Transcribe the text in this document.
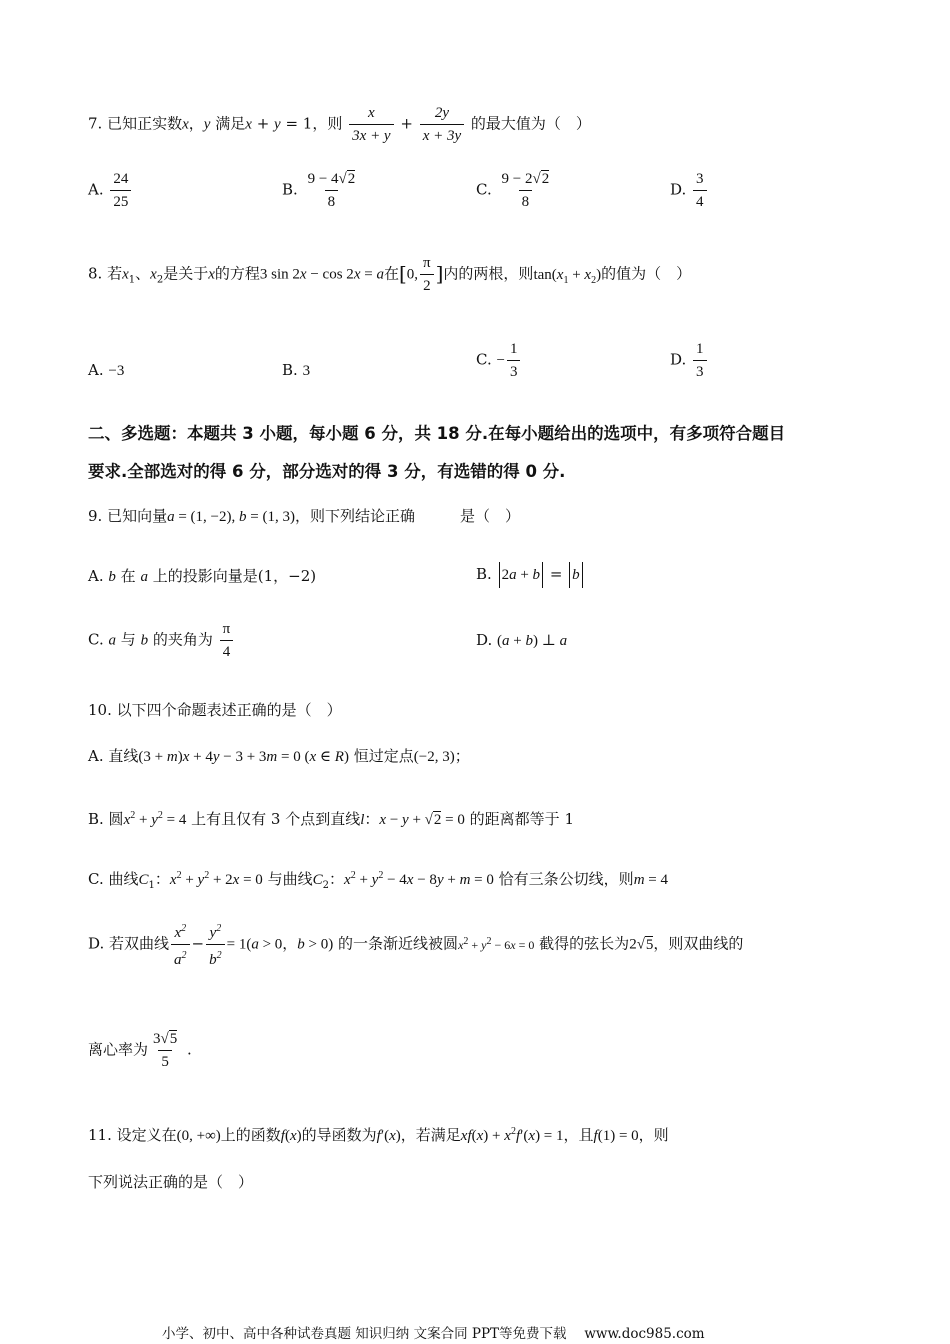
7. 已知正实数x，y 满足x + y = 1，则 $\frac{x}{3x + y} + \frac{2y}{x + 3y}$ 的最大值为（　）
A. $\frac{24}{25}$	B. $\frac{9 - 4√2}{8}$	C. $\frac{9 - 2√2}{8}$	D. $\frac{3}{4}$
8. 若$x_1$、$x_2$是关于x的方程3 sin 2x − cos 2x = a在[0, $\frac{\pi}{2}$ ]内的两根，则$\tan(x_1 + x_2)$的值为（　）
A. −3	B. 3
C. − $\frac{1}{3}$	D. $\frac{1}{3}$
二、多选题：本题共 3 小题，每小题 6 分，共 18 分.在每小题给出的选项中，有多项符合题目
要求.全部选对的得 6 分，部分选对的得 3 分，有选错的得 0 分.
9. 已知向量a = (1, −2), b = (1, 3)，则下列结论正确　　　	是（　）
A. b 在 a 上的投影向量是(1，−2)	B. 2a + b = b
C. a 与 b 的夹角为 $\frac{\pi}{4}$	D. (a + b) ⊥ a
10. 以下四个命题表述正确的是（　）
A. 直线(3 + m)x + 4y − 3 + 3m = 0 (x ∈ R) 恒过定点(−2, 3)；
B. 圆$x^2 + y^2 = 4$ 上有且仅有 3 个点到直线l：x − y + √2 = 0 的距离都等于 1
C. 曲线$C_1$：$x^2 + y^2 + 2x = 0$ 与曲线$C_2$：$x^2 + y^2 - 4x - 8y + m = 0$ 恰有三条公切线，则m = 4
D. 若双曲线 $\frac{x^2}{a^2} - \frac{y^2}{b^2} = 1(a > 0$，b > 0) 的一条渐近线被圆$x^2 + y^2 - 6x = 0$ 截得的弦长为2√5，则双曲线的
离心率为 $\frac{3√5}{5}$ .
11. 设定义在(0, +∞)上的函数f(x)的导函数为f′(x)，若满足$xf(x) + x^2f'(x) = 1$，且f(1) = 0，则
下列说法正确的是（　）
小学、初中、高中各种试卷真题 知识归纳 文案合同 PPT等免费下载　 www.doc985.com
